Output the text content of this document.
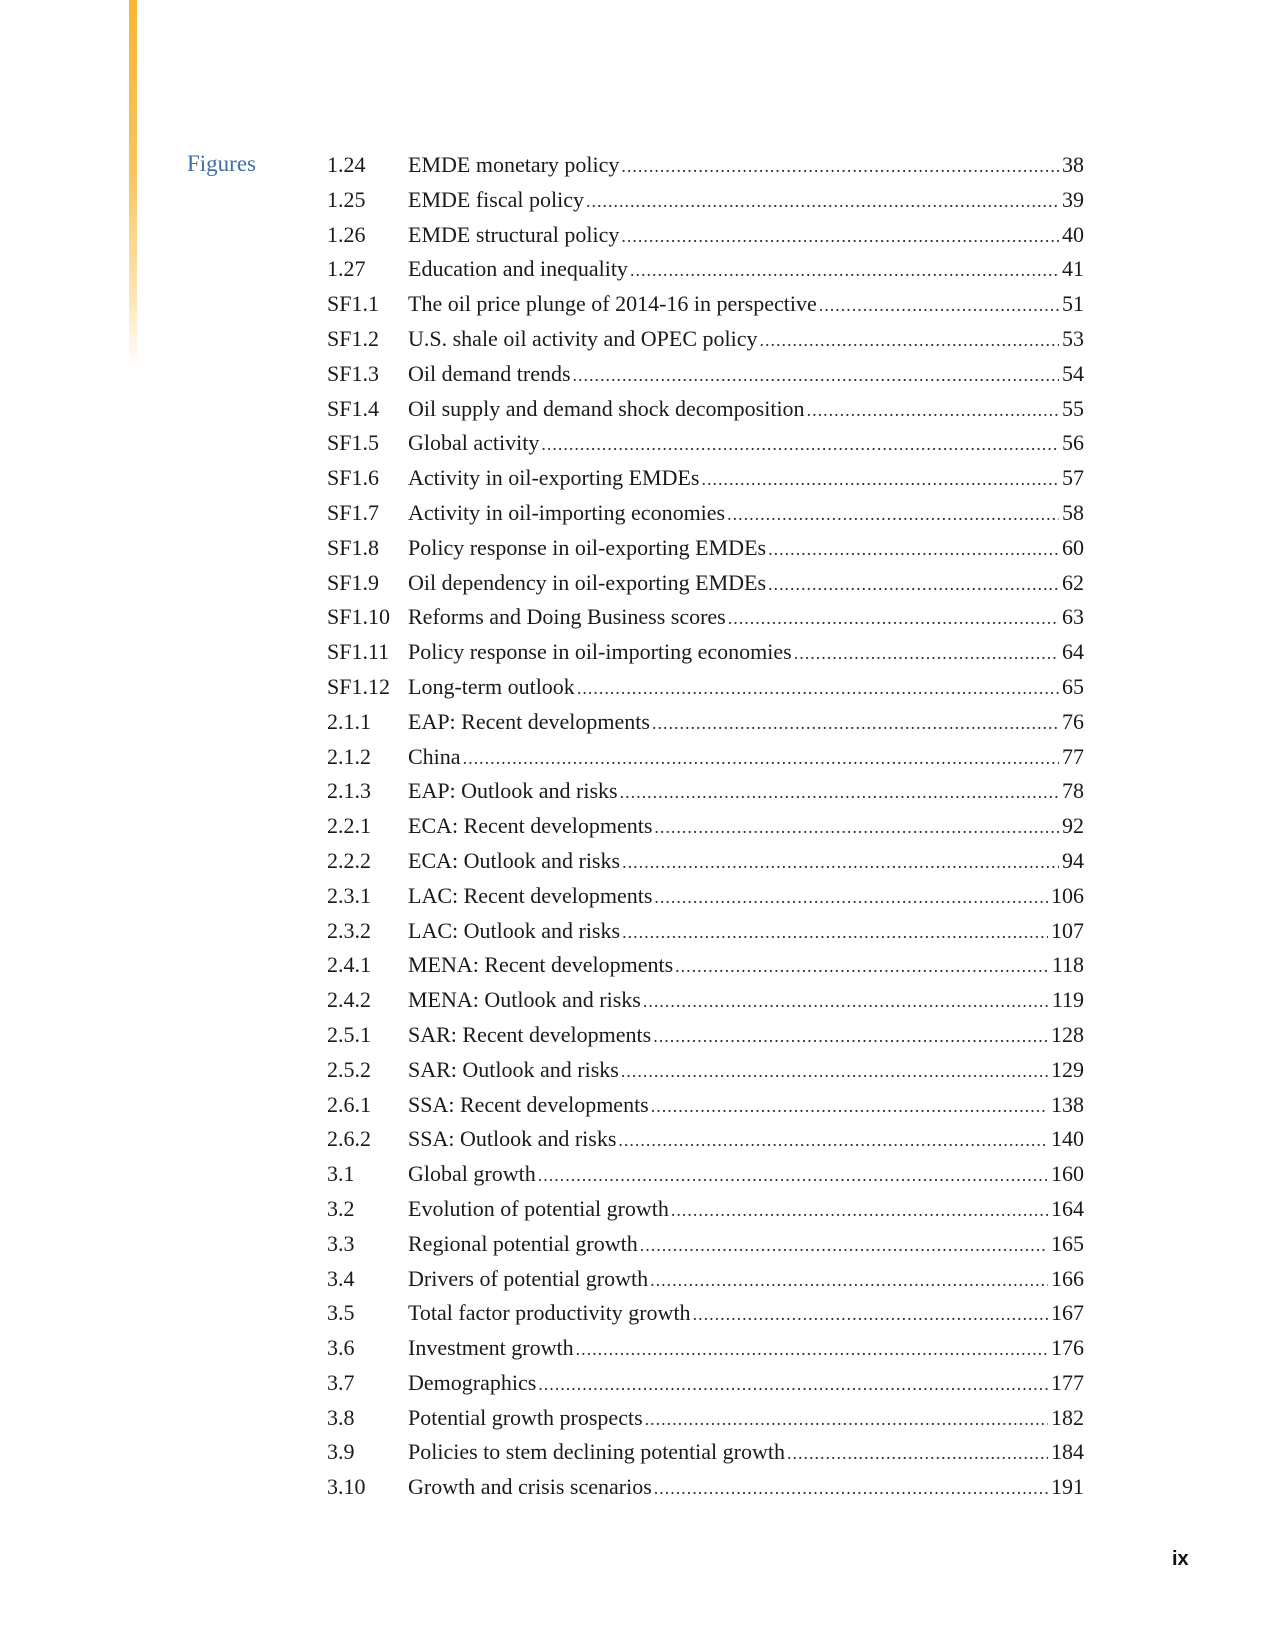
Figures	1.24	EMDE monetary policy .....	38
1.25	EMDE fiscal policy .....	39
1.26	EMDE structural policy .....	40
1.27	Education and inequality .....	41
SF1.1	The oil price plunge of 2014-16 in perspective .....	51
SF1.2	U.S. shale oil activity and OPEC policy .....	53
SF1.3	Oil demand trends .....	54
SF1.4	Oil supply and demand shock decomposition .....	55
SF1.5	Global activity .....	56
SF1.6	Activity in oil-exporting EMDEs .....	57
SF1.7	Activity in oil-importing economies .....	58
SF1.8	Policy response in oil-exporting EMDEs .....	60
SF1.9	Oil dependency in oil-exporting EMDEs .....	62
SF1.10 Reforms and Doing Business scores .....	63
SF1.11 Policy response in oil-importing economies .....	64
SF1.12 Long-term outlook .....	65
2.1.1	EAP: Recent developments .....	76
2.1.2	China .....	77
2.1.3	EAP: Outlook and risks .....	78
2.2.1	ECA: Recent developments .....	92
2.2.2	ECA: Outlook and risks .....	94
2.3.1	LAC: Recent developments .....	106
2.3.2	LAC: Outlook and risks .....	107
2.4.1	MENA: Recent developments .....	118
2.4.2	MENA: Outlook and risks .....	119
2.5.1	SAR: Recent developments .....	128
2.5.2	SAR: Outlook and risks .....	129
2.6.1	SSA: Recent developments .....	138
2.6.2	SSA: Outlook and risks .....	140
3.1	Global growth .....	160
3.2	Evolution of potential growth .....	164
3.3	Regional potential growth .....	165
3.4	Drivers of potential growth .....	166
3.5	Total factor productivity growth .....	167
3.6	Investment growth .....	176
3.7	Demographics .....	177
3.8	Potential growth prospects .....	182
3.9	Policies to stem declining potential growth .....	184
3.10	Growth and crisis scenarios .....	191
ix
